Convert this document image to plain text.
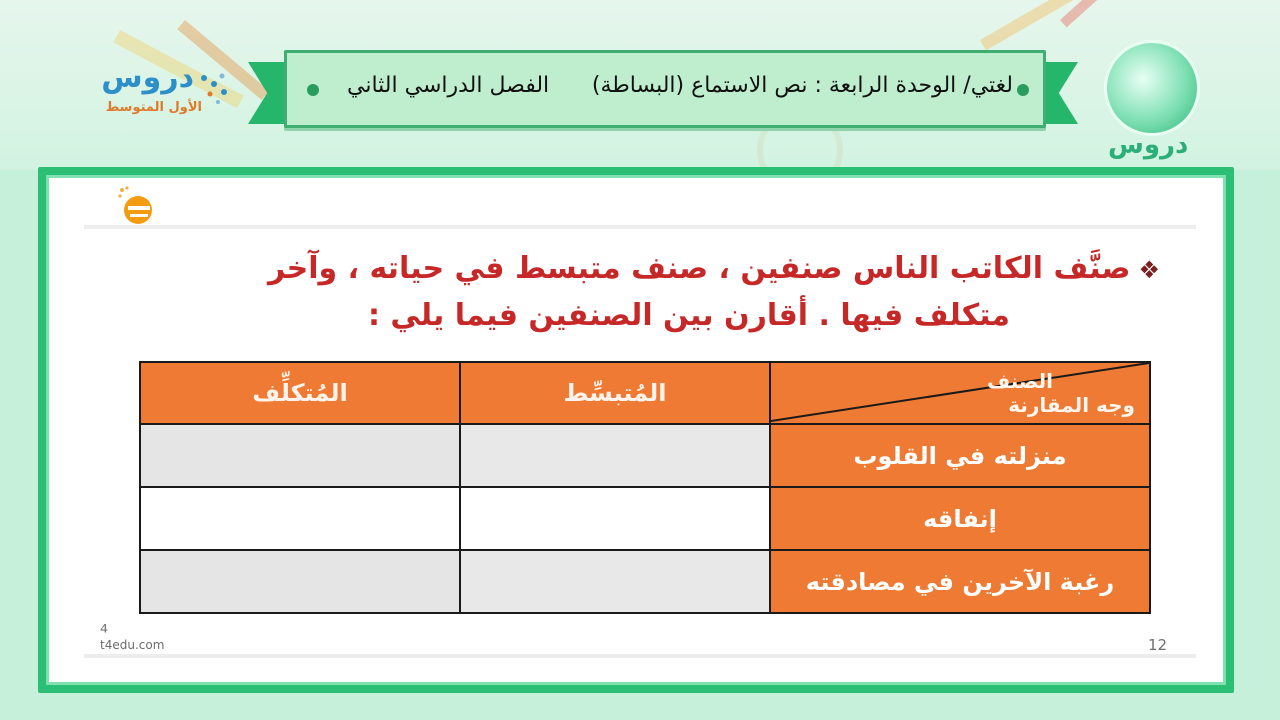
دروس
الأول المتوسط
لغتي/ الوحدة الرابعة : نص الاستماع (البساطة)
الفصل الدراسي الثاني
دروس
❖صنَّف الكاتب الناس صنفين ، صنف متبسط في حياته ، وآخر
متكلف فيها . أقارن بين الصنفين فيما يلي :
المُتكلِّف	المُتبسِّط	الصنف
وجه المقارنة

		منزلته في القلوب
		إنفاقه
		رغبة الآخرين في مصادقته
⁴
t4edu.com	12
